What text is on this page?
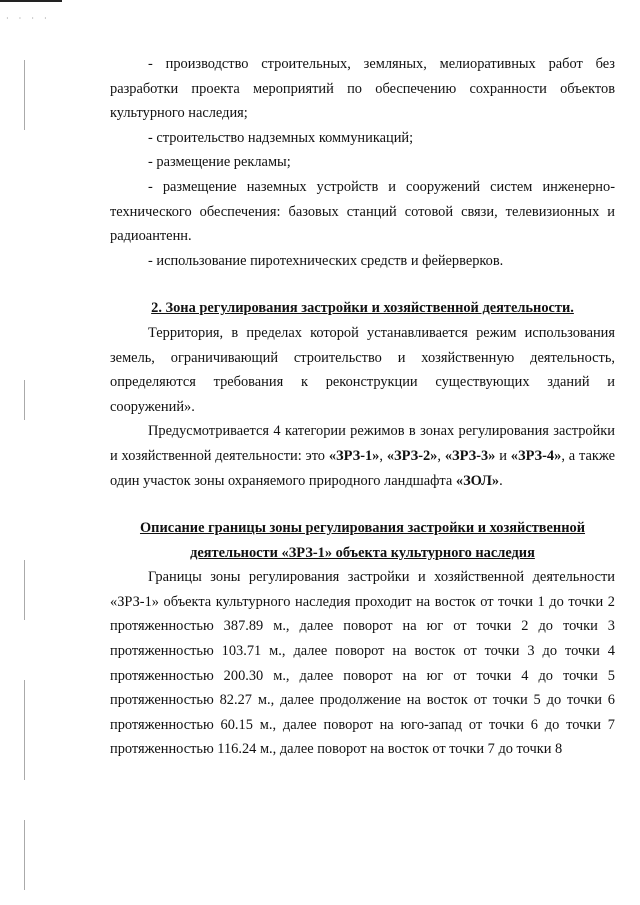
· · · ·

- производство строительных, земляных, мелиоративных работ без разработки проекта мероприятий по обеспечению сохранности объектов культурного наследия;

- строительство надземных коммуникаций;

- размещение рекламы;

- размещение наземных устройств и сооружений систем инженерно-технического обеспечения: базовых станций сотовой связи, телевизионных и радиоантенн.

- использование пиротехнических средств и фейерверков.

2. Зона регулирования застройки и хозяйственной деятельности.

Территория, в пределах которой устанавливается режим использования земель, ограничивающий строительство и хозяйственную деятельность, определяются требования к реконструкции существующих зданий и сооружений».

Предусмотривается 4 категории режимов в зонах регулирования застройки и хозяйственной деятельности: это «ЗРЗ-1», «ЗРЗ-2», «ЗРЗ-3» и «ЗРЗ-4», а также один участок зоны охраняемого природного ландшафта «ЗОЛ».

Описание границы зоны регулирования застройки и хозяйственной

деятельности «ЗРЗ-1» объекта культурного наследия

Границы зоны регулирования застройки и хозяйственной деятельности «ЗРЗ-1» объекта культурного наследия проходит на восток от точки 1 до точки 2 протяженностью 387.89 м., далее поворот на юг от точки 2 до точки 3 протяженностью 103.71 м., далее поворот на восток от точки 3 до точки 4 протяженностью 200.30 м., далее поворот на юг от точки 4 до точки 5 протяженностью 82.27 м., далее продолжение на восток от точки 5 до точки 6 протяженностью 60.15 м., далее поворот на юго-запад от точки 6 до точки 7 протяженностью 116.24 м., далее поворот на восток от точки 7 до точки 8
